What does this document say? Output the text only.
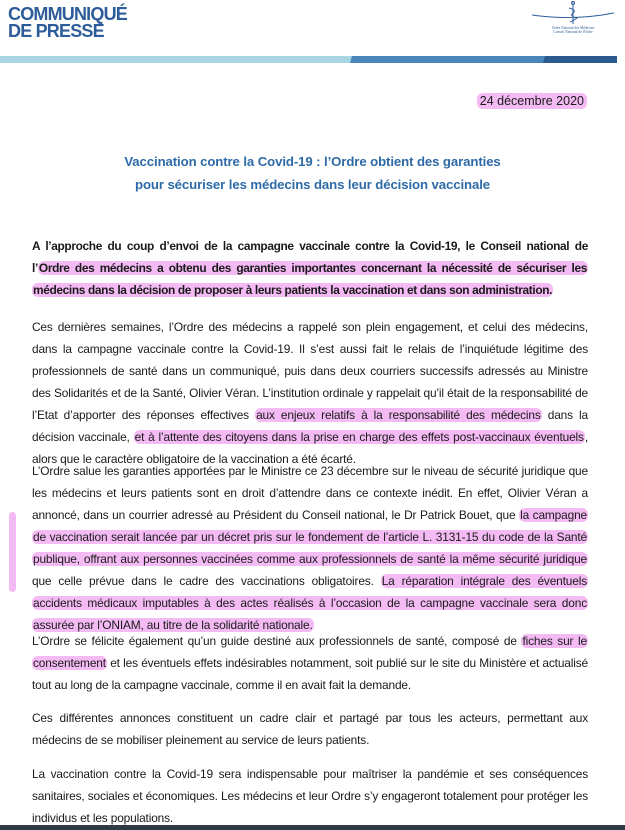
COMMUNIQUÉ
DE PRESSE	Ordre National des Médecins
Conseil National de l'Ordre
24 décembre 2020
Vaccination contre la Covid-19 : l’Ordre obtient des garanties
pour sécuriser les médecins dans leur décision vaccinale
A l’approche du coup d’envoi de la campagne vaccinale contre la Covid-19, le Conseil national de l’Ordre des médecins a obtenu des garanties importantes concernant la nécessité de sécuriser les médecins dans la décision de proposer à leurs patients la vaccination et dans son administration.
Ces dernières semaines, l’Ordre des médecins a rappelé son plein engagement, et celui des médecins, dans la campagne vaccinale contre la Covid-19. Il s’est aussi fait le relais de l’inquiétude légitime des professionnels de santé dans un communiqué, puis dans deux courriers successifs adressés au Ministre des Solidarités et de la Santé, Olivier Véran. L’institution ordinale y rappelait qu’il était de la responsabilité de l’Etat d’apporter des réponses effectives aux enjeux relatifs à la responsabilité des médecins dans la décision vaccinale, et à l’attente des citoyens dans la prise en charge des effets post-vaccinaux éventuels, alors que le caractère obligatoire de la vaccination a été écarté.
L’Ordre salue les garanties apportées par le Ministre ce 23 décembre sur le niveau de sécurité juridique que les médecins et leurs patients sont en droit d’attendre dans ce contexte inédit. En effet, Olivier Véran a annoncé, dans un courrier adressé au Président du Conseil national, le Dr Patrick Bouet, que la campagne de vaccination serait lancée par un décret pris sur le fondement de l’article L. 3131-15 du code de la Santé publique, offrant aux personnes vaccinées comme aux professionnels de santé la même sécurité juridique que celle prévue dans le cadre des vaccinations obligatoires. La réparation intégrale des éventuels accidents médicaux imputables à des actes réalisés à l’occasion de la campagne vaccinale sera donc assurée par l’ONIAM, au titre de la solidarité nationale.
L’Ordre se félicite également qu’un guide destiné aux professionnels de santé, composé de fiches sur le consentement et les éventuels effets indésirables notamment, soit publié sur le site du Ministère et actualisé tout au long de la campagne vaccinale, comme il en avait fait la demande.
Ces différentes annonces constituent un cadre clair et partagé par tous les acteurs, permettant aux médecins de se mobiliser pleinement au service de leurs patients.
La vaccination contre la Covid-19 sera indispensable pour maîtriser la pandémie et ses conséquences sanitaires, sociales et économiques. Les médecins et leur Ordre s’y engageront totalement pour protéger les individus et les populations.
